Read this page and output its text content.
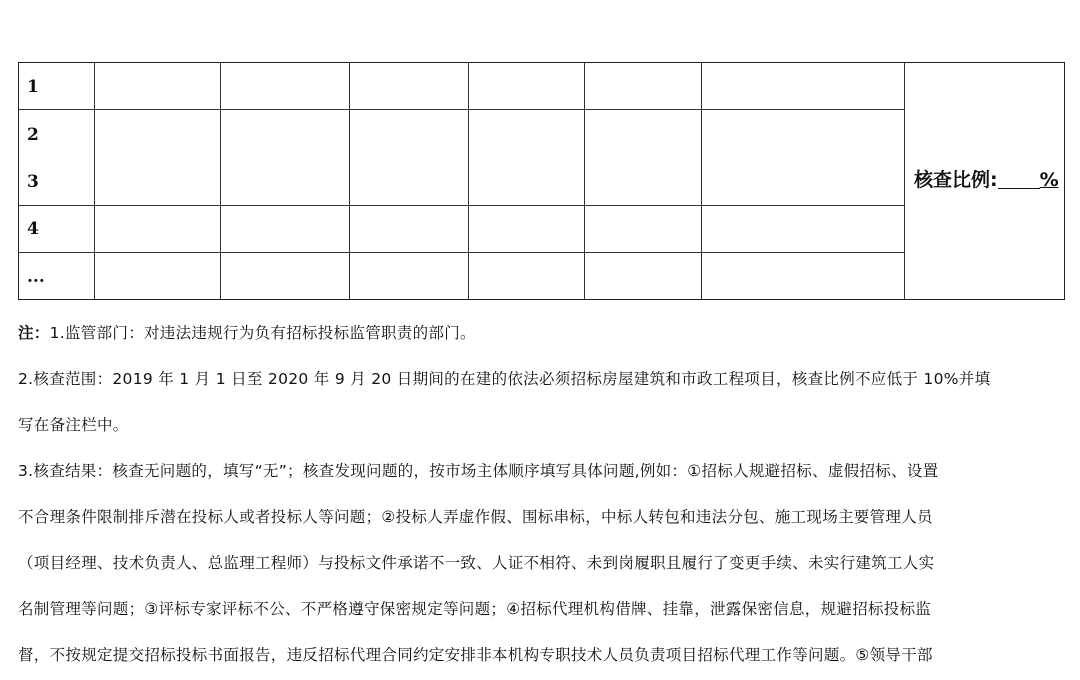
1
2
3
4
...
核查比例: %

注：1.监管部门：对违法违规行为负有招标投标监管职责的部门。

2.核查范围：2019 年 1 月 1 日至 2020 年 9 月 20 日期间的在建的依法必须招标房屋建筑和市政工程项目，核查比例不应低于 10%并填

写在备注栏中。

3.核查结果：核查无问题的，填写“无”；核查发现问题的，按市场主体顺序填写具体问题,例如：①招标人规避招标、虚假招标、设置

不合理条件限制排斥潜在投标人或者投标人等问题；②投标人弄虚作假、围标串标，中标人转包和违法分包、施工现场主要管理人员

（项目经理、技术负责人、总监理工程师）与投标文件承诺不一致、人证不相符、未到岗履职且履行了变更手续、未实行建筑工人实

名制管理等问题；③评标专家评标不公、不严格遵守保密规定等问题；④招标代理机构借牌、挂靠，泄露保密信息，规避招标投标监

督，不按规定提交招标投标书面报告，违反招标代理合同约定安排非本机构专职技术人员负责项目招标代理工作等问题。⑤领导干部
